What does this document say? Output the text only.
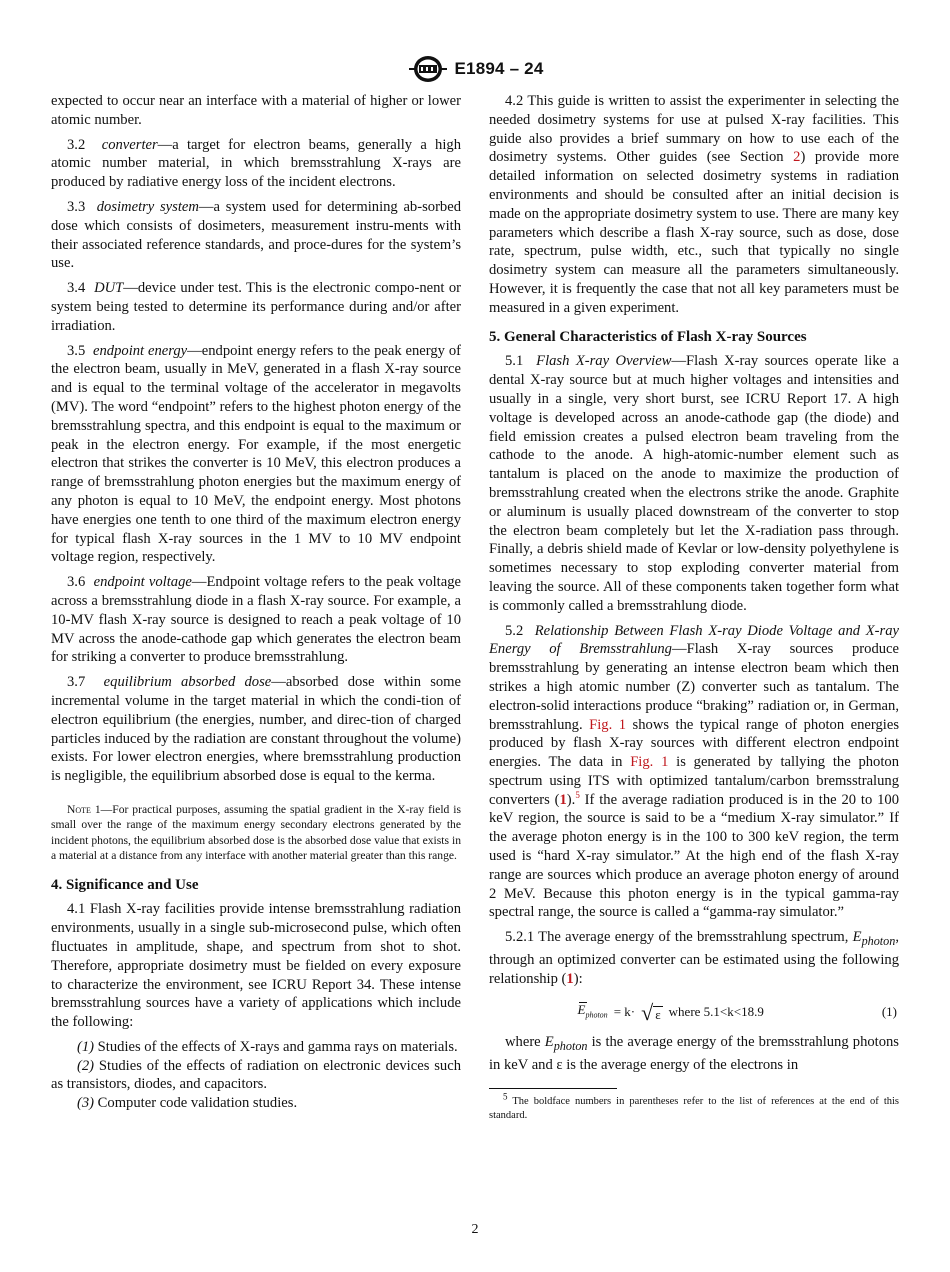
E1894 – 24

expected to occur near an interface with a material of higher or lower atomic number.

3.2 converter—a target for electron beams, generally a high atomic number material, in which bremsstrahlung X-rays are produced by radiative energy loss of the incident electrons.

3.3 dosimetry system—a system used for determining ab-sorbed dose which consists of dosimeters, measurement instru-ments with their associated reference standards, and proce-dures for the system’s use.

3.4 DUT—device under test. This is the electronic compo-nent or system being tested to determine its performance during and/or after irradiation.

3.5 endpoint energy—endpoint energy refers to the peak energy of the electron beam, usually in MeV, generated in a flash X-ray source and is equal to the terminal voltage of the accelerator in megavolts (MV). The word “endpoint” refers to the highest photon energy of the bremsstrahlung spectra, and this endpoint is equal to the maximum or peak in the electron energy. For example, if the most energetic electron that strikes the converter is 10 MeV, this electron produces a range of bremsstrahlung photon energies but the maximum energy of any photon is equal to 10 MeV, the endpoint energy. Most photons have energies one tenth to one third of the maximum electron energy for typical flash X-ray sources in the 1 MV to 10 MV endpoint voltage region, respectively.

3.6 endpoint voltage—Endpoint voltage refers to the peak voltage across a bremsstrahlung diode in a flash X-ray source. For example, a 10-MV flash X-ray source is designed to reach a peak voltage of 10 MV across the anode-cathode gap which generates the electron beam for striking a converter to produce bremsstrahlung.

3.7 equilibrium absorbed dose—absorbed dose within some incremental volume in the target material in which the condi-tion of electron equilibrium (the energies, number, and direc-tion of charged particles induced by the radiation are constant throughout the volume) exists. For lower electron energies, where bremsstrahlung production is negligible, the equilibrium absorbed dose is equal to the kerma.

Note 1—For practical purposes, assuming the spatial gradient in the X-ray field is small over the range of the maximum energy secondary electrons generated by the incident photons, the equilibrium absorbed dose is the absorbed dose value that exists in a material at a distance from any interface with another material greater than this range.

4. Significance and Use

4.1 Flash X-ray facilities provide intense bremsstrahlung radiation environments, usually in a single sub-microsecond pulse, which often fluctuates in amplitude, shape, and spectrum from shot to shot. Therefore, appropriate dosimetry must be fielded on every exposure to characterize the environment, see ICRU Report 34. These intense bremsstrahlung sources have a variety of applications which include the following:

(1) Studies of the effects of X-rays and gamma rays on materials.

(2) Studies of the effects of radiation on electronic devices such as transistors, diodes, and capacitors.

(3) Computer code validation studies.

4.2 This guide is written to assist the experimenter in selecting the needed dosimetry systems for use at pulsed X-ray facilities. This guide also provides a brief summary on how to use each of the dosimetry systems. Other guides (see Section 2) provide more detailed information on selected dosimetry systems in radiation environments and should be consulted after an initial decision is made on the appropriate dosimetry system to use. There are many key parameters which describe a flash X-ray source, such as dose, dose rate, spectrum, pulse width, etc., such that typically no single dosimetry system can measure all the parameters simultaneously. However, it is frequently the case that not all key parameters must be measured in a given experiment.

5. General Characteristics of Flash X-ray Sources

5.1 Flash X-ray Overview—Flash X-ray sources operate like a dental X-ray source but at much higher voltages and intensities and usually in a single, very short burst, see ICRU Report 17. A high voltage is developed across an anode-cathode gap (the diode) and field emission creates a pulsed electron beam traveling from the cathode to the anode. A high-atomic-number element such as tantalum is placed on the anode to maximize the production of bremsstrahlung created when the electrons strike the anode. Graphite or aluminum is usually placed downstream of the converter to stop the electron beam completely but let the X-radiation pass through. Finally, a debris shield made of Kevlar or low-density polyethylene is sometimes necessary to stop exploding converter material from leaving the source. All of these components taken together form what is commonly called a bremsstrahlung diode.

5.2 Relationship Between Flash X-ray Diode Voltage and X-ray Energy of Bremsstrahlung—Flash X-ray sources produce bremsstrahlung by generating an intense electron beam which then strikes a high atomic number (Z) converter such as tantalum. The electron-solid interactions produce “braking” radiation or, in German, bremsstrahlung. Fig. 1 shows the typical range of photon energies produced by flash X-ray sources with different electron endpoint energies. The data in Fig. 1 is generated by tallying the photon spectrum using ITS with optimized tantalum/carbon bremsstralung converters (1).$^5$ If the average radiation produced is in the 20 to 100 keV region, the source is said to be a “medium X-ray simulator.” If the average photon energy is in the 100 to 300 keV region, the term used is “hard X-ray simulator.” At the high end of the flash X-ray range are sources which produce an average photon energy of around 2 MeV. Because this photon energy is in the typical gamma-ray spectral range, the source is called a “gamma-ray simulator.”

5.2.1 The average energy of the bremsstrahlung spectrum, $E_{photon}$, through an optimized converter can be estimated using the following relationship (1):

$E_{photon} = k\cdot$ √ ε where 5.1<k<18.9	(1)

where $E_{photon}$ is the average energy of the bremsstrahlung photons in keV and ε is the average energy of the electrons in

$^5$ The boldface numbers in parentheses refer to the list of references at the end of this standard.

2
